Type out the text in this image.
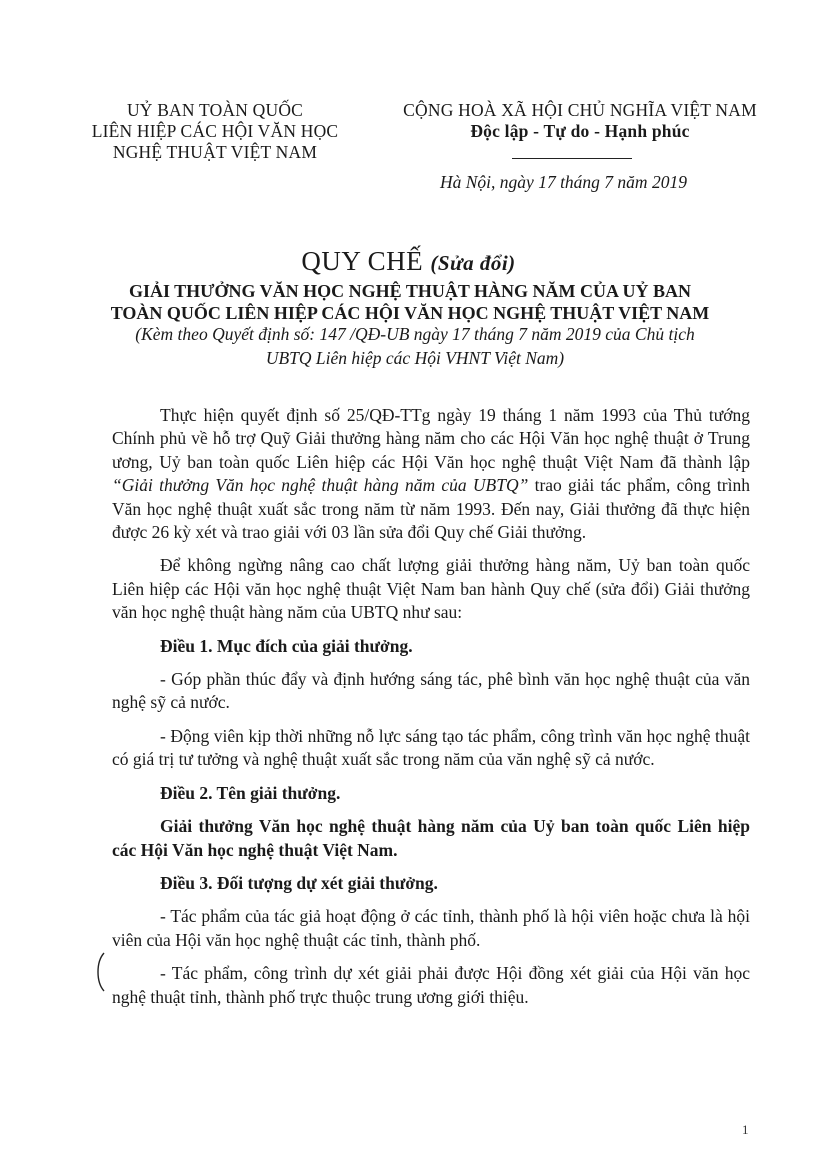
UỶ BAN TOÀN QUỐC
LIÊN HIỆP CÁC HỘI VĂN HỌC
NGHỆ THUẬT VIỆT NAM
CỘNG HOÀ XÃ HỘI CHỦ NGHĨA VIỆT NAM
Độc lập - Tự do - Hạnh phúc
Hà Nội, ngày 17 tháng 7 năm 2019
QUY CHẾ (Sửa đổi)
GIẢI THƯỞNG VĂN HỌC NGHỆ THUẬT HÀNG NĂM CỦA UỶ BAN
TOÀN QUỐC LIÊN HIỆP CÁC HỘI VĂN HỌC NGHỆ THUẬT VIỆT NAM
(Kèm theo Quyết định số: 147 /QĐ-UB ngày 17 tháng 7 năm 2019 của Chủ tịch
UBTQ Liên hiệp các Hội VHNT Việt Nam)

Thực hiện quyết định số 25/QĐ-TTg ngày 19 tháng 1 năm 1993 của Thủ tướng Chính phủ về hỗ trợ Quỹ Giải thưởng hàng năm cho các Hội Văn học nghệ thuật ở Trung ương, Uỷ ban toàn quốc Liên hiệp các Hội Văn học nghệ thuật Việt Nam đã thành lập “Giải thưởng Văn học nghệ thuật hàng năm của UBTQ” trao giải tác phẩm, công trình Văn học nghệ thuật xuất sắc trong năm từ năm 1993. Đến nay, Giải thưởng đã thực hiện được 26 kỳ xét và trao giải với 03 lần sửa đổi Quy chế Giải thưởng.

Để không ngừng nâng cao chất lượng giải thưởng hàng năm, Uỷ ban toàn quốc Liên hiệp các Hội văn học nghệ thuật Việt Nam ban hành Quy chế (sửa đổi) Giải thưởng văn học nghệ thuật hàng năm của UBTQ như sau:

Điều 1. Mục đích của giải thưởng.

- Góp phần thúc đẩy và định hướng sáng tác, phê bình văn học nghệ thuật của văn nghệ sỹ cả nước.

- Động viên kịp thời những nỗ lực sáng tạo tác phẩm, công trình văn học nghệ thuật có giá trị tư tưởng và nghệ thuật xuất sắc trong năm của văn nghệ sỹ cả nước.

Điều 2. Tên giải thưởng.

Giải thưởng Văn học nghệ thuật hàng năm của Uỷ ban toàn quốc Liên hiệp các Hội Văn học nghệ thuật Việt Nam.

Điều 3. Đối tượng dự xét giải thưởng.

- Tác phẩm của tác giả hoạt động ở các tỉnh, thành phố là hội viên hoặc chưa là hội viên của Hội văn học nghệ thuật các tỉnh, thành phố.

- Tác phẩm, công trình dự xét giải phải được Hội đồng xét giải của Hội văn học nghệ thuật tỉnh, thành phố trực thuộc trung ương giới thiệu.

1
